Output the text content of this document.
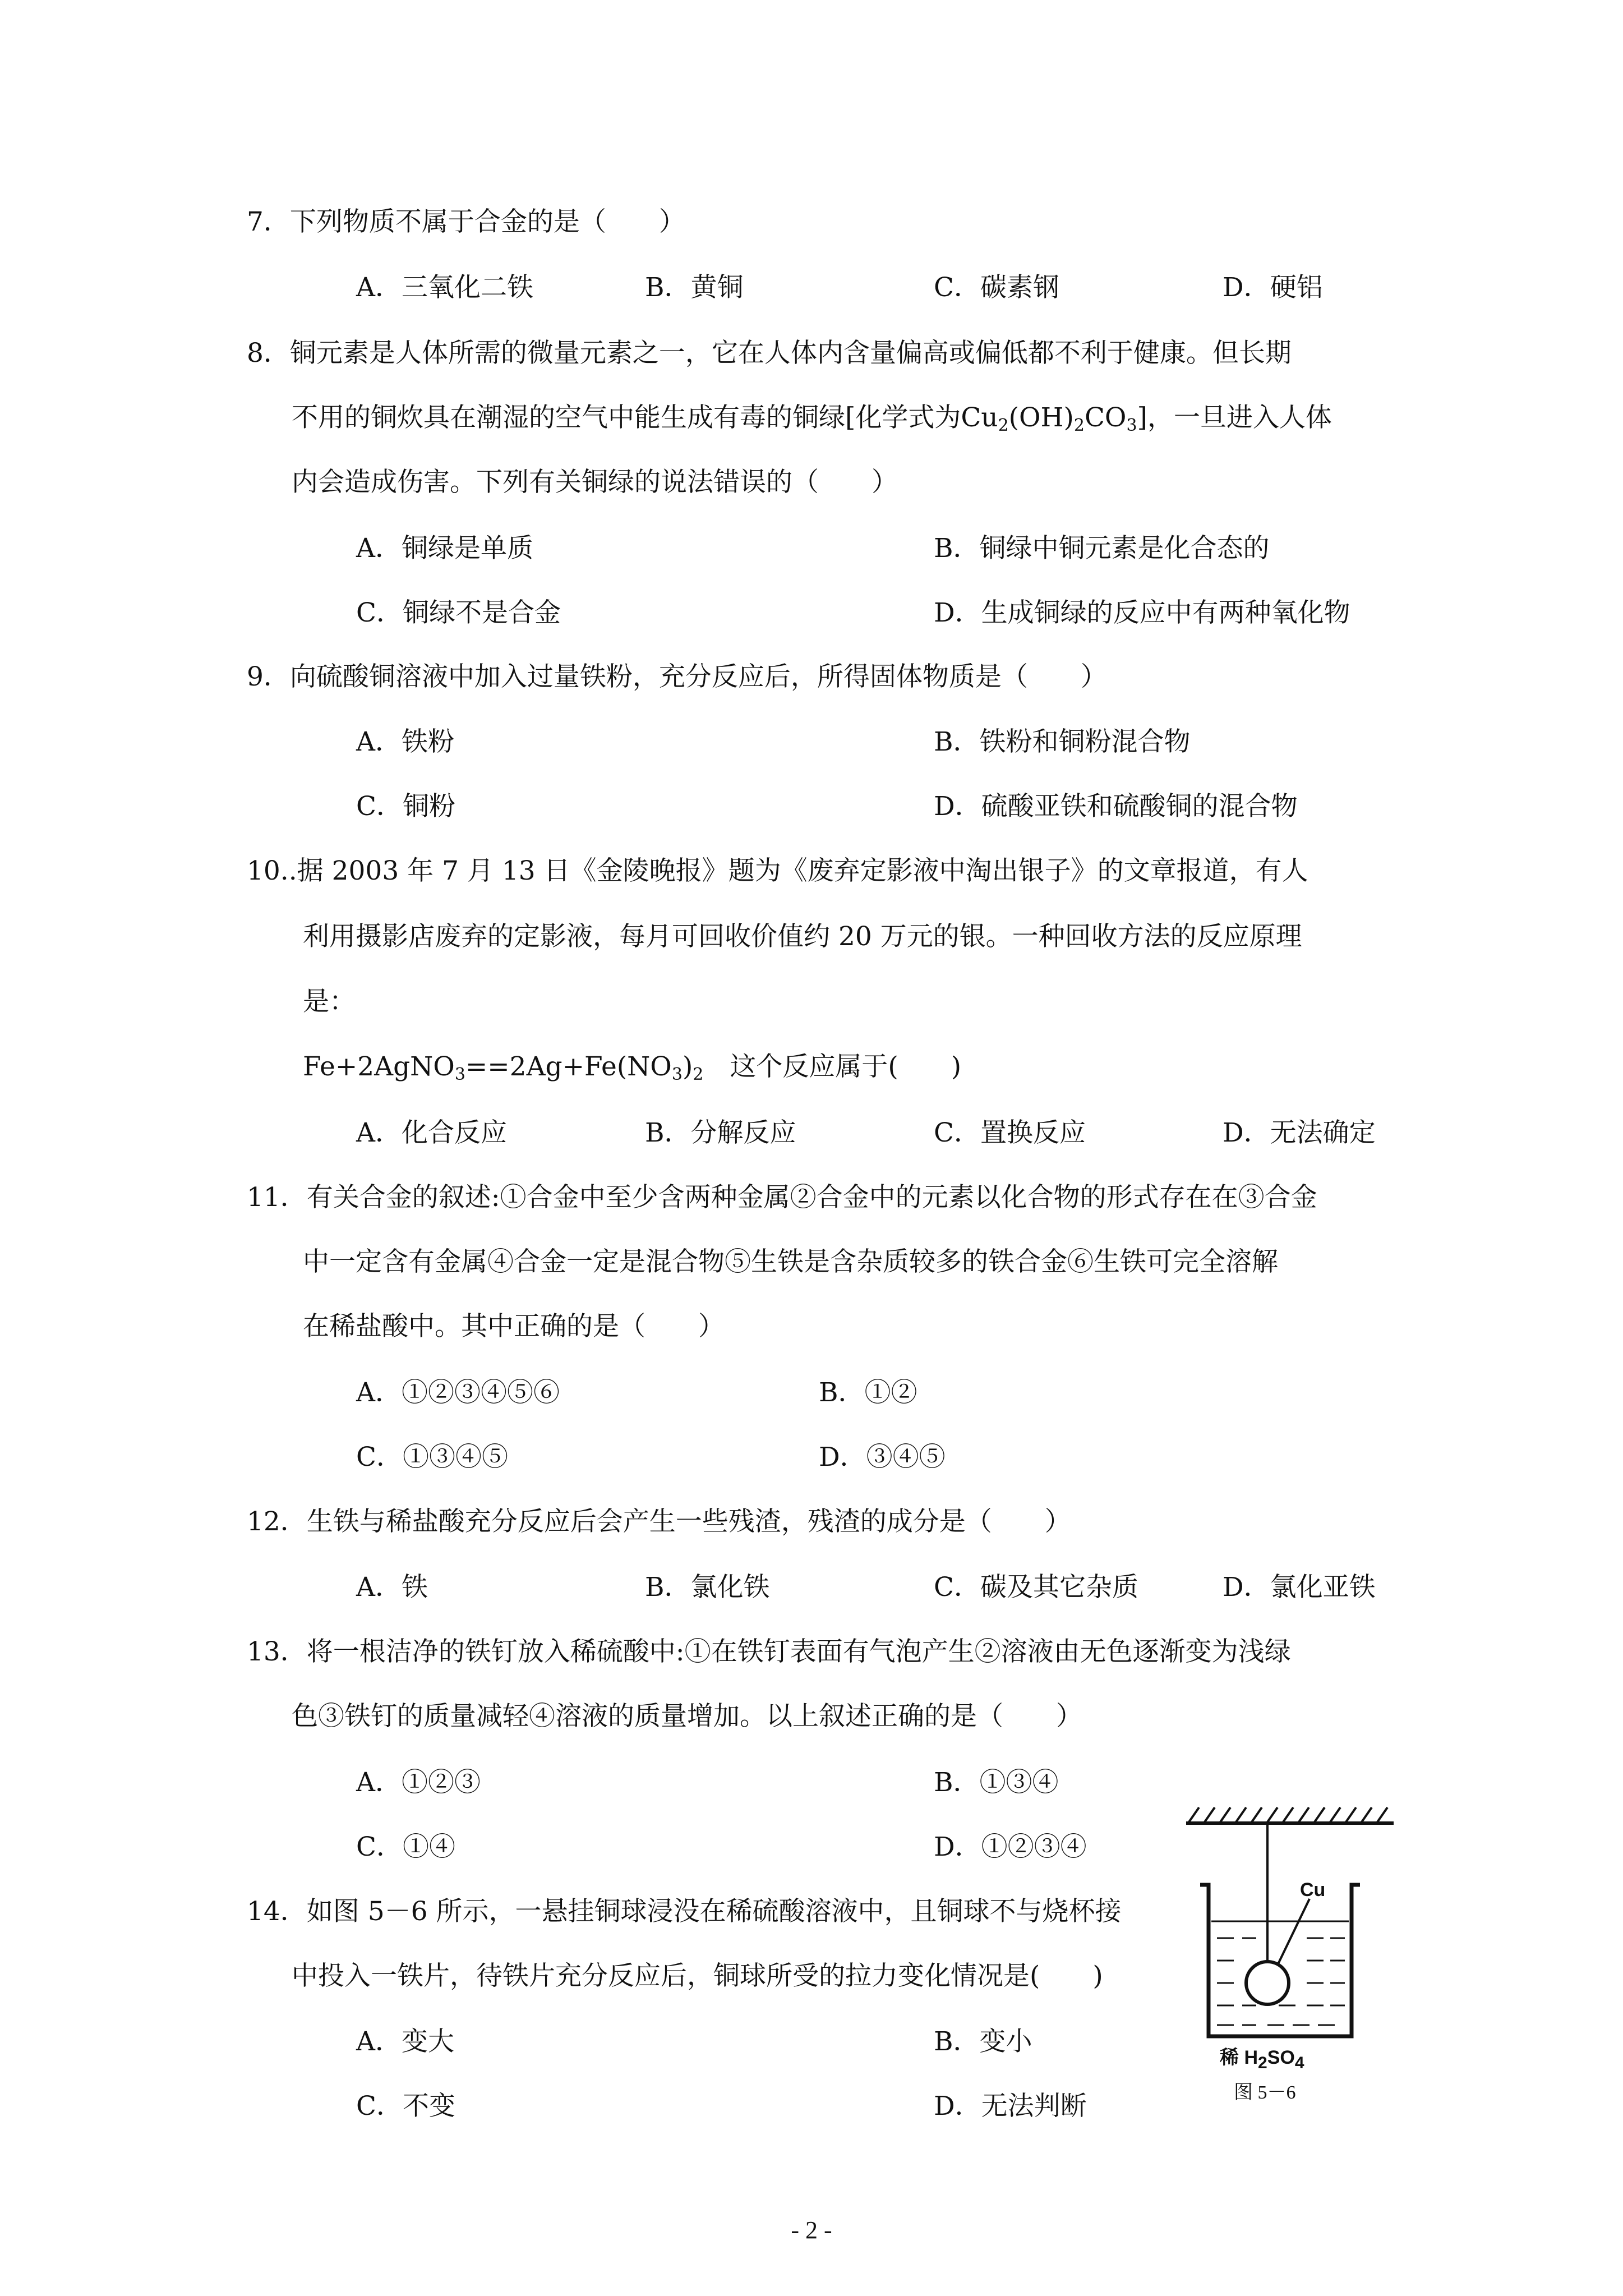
7．下列物质不属于合金的是（　　）
A．三氧化二铁	B．黄铜	C．碳素钢	D．硬铝
8．铜元素是人体所需的微量元素之一，它在人体内含量偏高或偏低都不利于健康。但长期
不用的铜炊具在潮湿的空气中能生成有毒的铜绿[化学式为$Cu_2(OH)_2CO_3$]，一旦进入人体
内会造成伤害。下列有关铜绿的说法错误的（　　）
A．铜绿是单质	B．铜绿中铜元素是化合态的
C．铜绿不是合金	D．生成铜绿的反应中有两种氧化物
9．向硫酸铜溶液中加入过量铁粉，充分反应后，所得固体物质是（　　）
A．铁粉	B．铁粉和铜粉混合物
C．铜粉	D．硫酸亚铁和硫酸铜的混合物
10..据 2003 年 7 月 13 日《金陵晚报》题为《废弃定影液中淘出银子》的文章报道，有人
利用摄影店废弃的定影液，每月可回收价值约 20 万元的银。一种回收方法的反应原理
是：
$Fe+2AgNO_3==2Ag+Fe(NO_3)_2$　这个反应属于(　　)
A．化合反应	B．分解反应	C．置换反应	D．无法确定
11．有关合金的叙述:①合金中至少含两种金属②合金中的元素以化合物的形式存在在③合金
中一定含有金属④合金一定是混合物⑤生铁是含杂质较多的铁合金⑥生铁可完全溶解
在稀盐酸中。其中正确的是（　　）
A．①②③④⑤⑥	B．①②
C．①③④⑤	D．③④⑤
12．生铁与稀盐酸充分反应后会产生一些残渣，残渣的成分是（　　）
A．铁	B．氯化铁	C．碳及其它杂质	D．氯化亚铁
13．将一根洁净的铁钉放入稀硫酸中:①在铁钉表面有气泡产生②溶液由无色逐渐变为浅绿
色③铁钉的质量减轻④溶液的质量增加。以上叙述正确的是（　　）
A．①②③	B．①③④
C．①④	D．①②③④
14．如图 5－6 所示，一悬挂铜球浸没在稀硫酸溶液中，且铜球不与烧杯接
中投入一铁片，待铁片充分反应后，铜球所受的拉力变化情况是(　　)
A．变大	B．变小
C．不变	D．无法判断
Cu
稀 $H_2SO_4$
图 5－6
- 2 -
